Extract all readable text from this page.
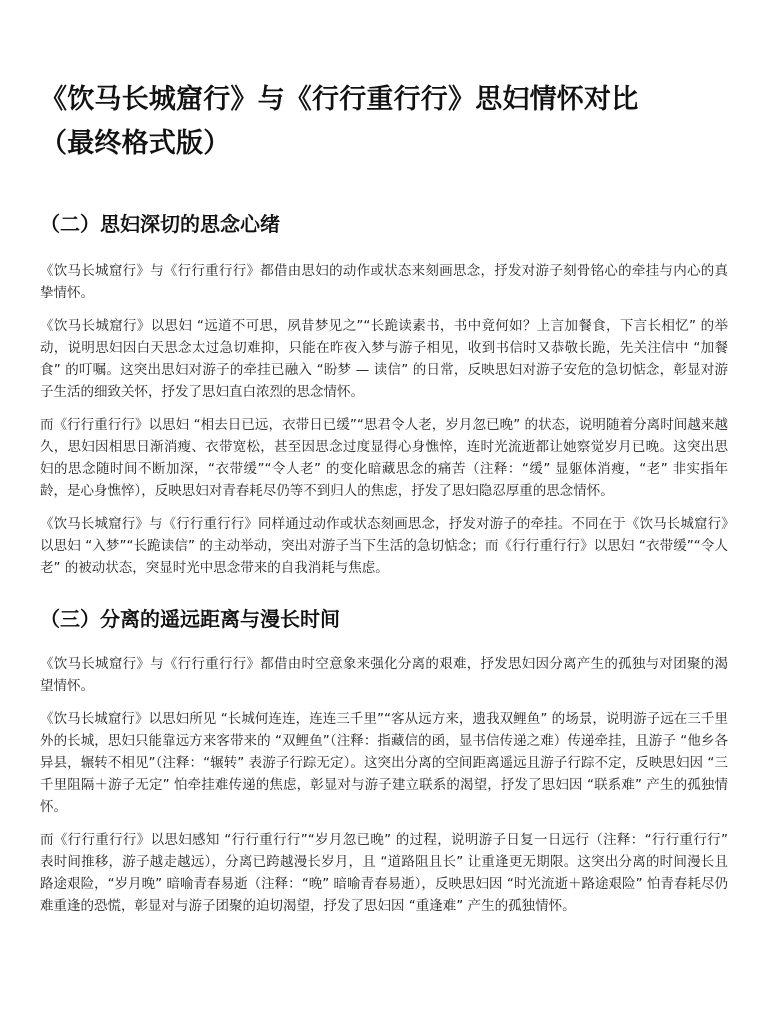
《饮马长城窟行》与《行行重行行》思妇情怀对比
（最终格式版）
（二）思妇深切的思念心绪

《饮马长城窟行》与《行行重行行》都借由思妇的动作或状态来刻画思念，抒发对游子刻骨铭心的牵挂与内心的真挚情怀。

《饮马长城窟行》以思妇 “远道不可思，夙昔梦见之”“长跪读素书，书中竟何如？上言加餐食，下言长相忆” 的举动，说明思妇因白天思念太过急切难抑，只能在昨夜入梦与游子相见，收到书信时又恭敬长跪，先关注信中 “加餐食” 的叮嘱。这突出思妇对游子的牵挂已融入 “盼梦 — 读信” 的日常，反映思妇对游子安危的急切惦念，彰显对游子生活的细致关怀，抒发了思妇直白浓烈的思念情怀。

而《行行重行行》以思妇 “相去日已远，衣带日已缓”“思君令人老，岁月忽已晚” 的状态，说明随着分离时间越来越久，思妇因相思日渐消瘦、衣带宽松，甚至因思念过度显得心身憔悴，连时光流逝都让她察觉岁月已晚。这突出思妇的思念随时间不断加深，“衣带缓”“令人老” 的变化暗藏思念的痛苦（注释：“缓” 显躯体消瘦，“老” 非实指年龄，是心身憔悴），反映思妇对青春耗尽仍等不到归人的焦虑，抒发了思妇隐忍厚重的思念情怀。

《饮马长城窟行》与《行行重行行》同样通过动作或状态刻画思念，抒发对游子的牵挂。不同在于《饮马长城窟行》以思妇 “入梦”“长跪读信” 的主动举动，突出对游子当下生活的急切惦念；而《行行重行行》以思妇 “衣带缓”“令人老” 的被动状态，突显时光中思念带来的自我消耗与焦虑。

（三）分离的遥远距离与漫长时间

《饮马长城窟行》与《行行重行行》都借由时空意象来强化分离的艰难，抒发思妇因分离产生的孤独与对团聚的渴望情怀。

《饮马长城窟行》以思妇所见 “长城何连连，连连三千里”“客从远方来，遗我双鲤鱼” 的场景，说明游子远在三千里外的长城，思妇只能靠远方来客带来的 “双鲤鱼”（注释：指藏信的函，显书信传递之难）传递牵挂，且游子 “他乡各异县，辗转不相见”（注释：“辗转” 表游子行踪无定）。这突出分离的空间距离遥远且游子行踪不定，反映思妇因 “三千里阻隔＋游子无定” 怕牵挂难传递的焦虑，彰显对与游子建立联系的渴望，抒发了思妇因 “联系难” 产生的孤独情怀。

而《行行重行行》以思妇感知 “行行重行行”“岁月忽已晚” 的过程，说明游子日复一日远行（注释：“行行重行行” 表时间推移，游子越走越远），分离已跨越漫长岁月，且 “道路阻且长” 让重逢更无期限。这突出分离的时间漫长且路途艰险，“岁月晚” 暗喻青春易逝（注释：“晚” 暗喻青春易逝），反映思妇因 “时光流逝＋路途艰险” 怕青春耗尽仍难重逢的恐慌，彰显对与游子团聚的迫切渴望，抒发了思妇因 “重逢难” 产生的孤独情怀。
